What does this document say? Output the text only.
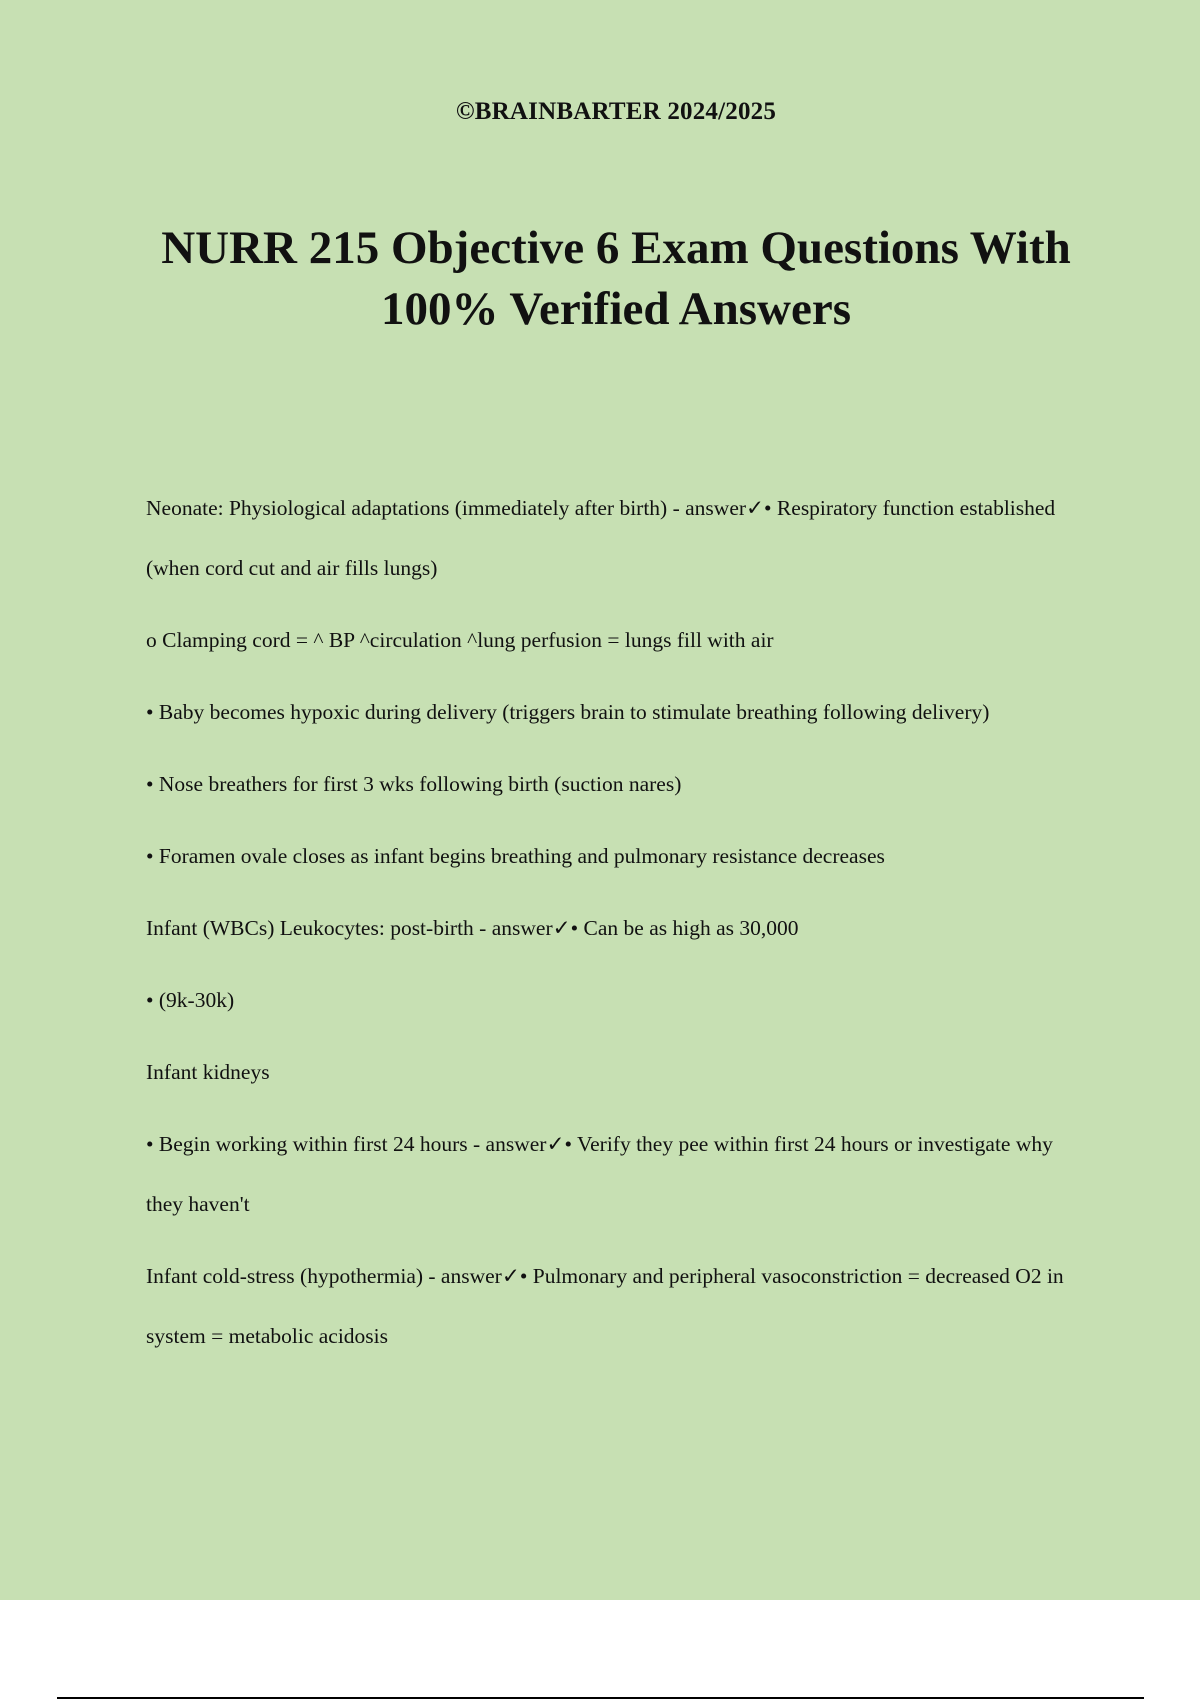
©BRAINBARTER 2024/2025
NURR 215 Objective 6 Exam Questions With
100% Verified Answers

Neonate: Physiological adaptations (immediately after birth) - answer✓• Respiratory function established (when cord cut and air fills lungs)

o Clamping cord = ^ BP ^circulation ^lung perfusion = lungs fill with air

• Baby becomes hypoxic during delivery (triggers brain to stimulate breathing following delivery)

• Nose breathers for first 3 wks following birth (suction nares)

• Foramen ovale closes as infant begins breathing and pulmonary resistance decreases

Infant (WBCs) Leukocytes: post-birth - answer✓• Can be as high as 30,000

• (9k-30k)

Infant kidneys

• Begin working within first 24 hours - answer✓• Verify they pee within first 24 hours or investigate why they haven't

Infant cold-stress (hypothermia) - answer✓• Pulmonary and peripheral vasoconstriction = decreased O2 in system = metabolic acidosis
